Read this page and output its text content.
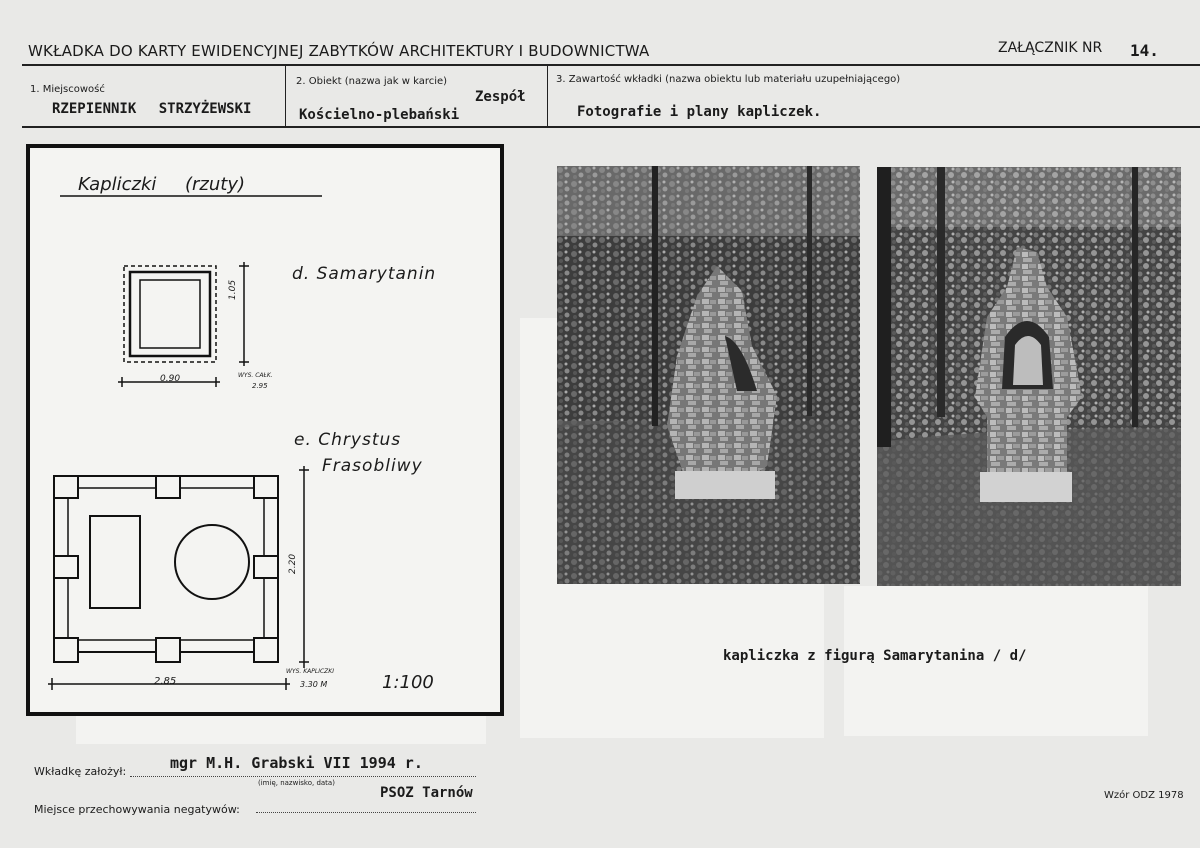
WKŁADKA DO KARTY EWIDENCYJNEJ ZABYTKÓW ARCHITEKTURY I BUDOWNICTWA	ZAŁĄCZNIK NR 14.
1. Miejscowość
RZEPIENNIK STRZYŻEWSKI
2. Obiekt (nazwa jak w karcie)
Zespół
Kościelno-plebański
3. Zawartość wkładki (nazwa obiektu lub materiału uzupełniającego)
Fotografie i plany kapliczek.
Kapliczki     (rzuty)
d. Samarytanin
0.90
1.05
WYS. CAŁK.
2.95
e. Chrystus
Frasobliwy
2.85
2.20
WYS. KAPLICZKI
3.30 M	1:100
kapliczka z figurą Samarytanina / d/
Wkładkę założył:	mgr M.H. Grabski VII 1994 r.
(imię, nazwisko, data)
Miejsce przechowywania negatywów:
PSOZ Tarnów	Wzór ODZ 1978
